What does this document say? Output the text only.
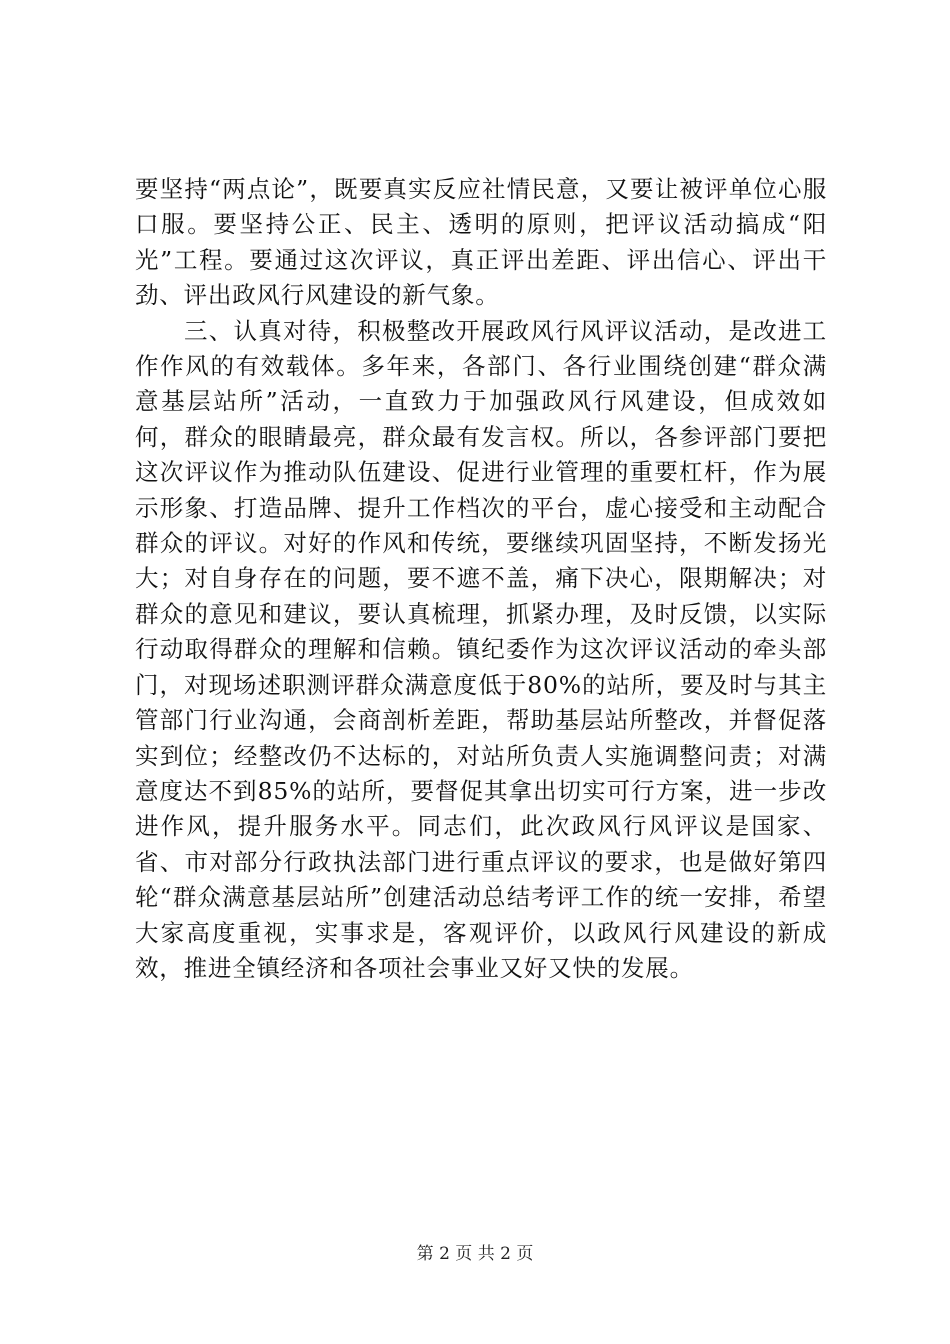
要坚持“两点论”，既要真实反应社情民意，又要让被评单位心服口服。要坚持公正、民主、透明的原则，把评议活动搞成“阳光”工程。要通过这次评议，真正评出差距、评出信心、评出干劲、评出政风行风建设的新气象。

三、认真对待，积极整改开展政风行风评议活动，是改进工作作风的有效载体。多年来，各部门、各行业围绕创建“群众满意基层站所”活动，一直致力于加强政风行风建设，但成效如何，群众的眼睛最亮，群众最有发言权。所以，各参评部门要把这次评议作为推动队伍建设、促进行业管理的重要杠杆，作为展示形象、打造品牌、提升工作档次的平台，虚心接受和主动配合群众的评议。对好的作风和传统，要继续巩固坚持，不断发扬光大；对自身存在的问题，要不遮不盖，痛下决心，限期解决；对群众的意见和建议，要认真梳理，抓紧办理，及时反馈，以实际行动取得群众的理解和信赖。镇纪委作为这次评议活动的牵头部门，对现场述职测评群众满意度低于80%的站所，要及时与其主管部门行业沟通，会商剖析差距，帮助基层站所整改，并督促落实到位；经整改仍不达标的，对站所负责人实施调整问责；对满意度达不到85%的站所，要督促其拿出切实可行方案，进一步改进作风，提升服务水平。同志们，此次政风行风评议是国家、省、市对部分行政执法部门进行重点评议的要求，也是做好第四轮“群众满意基层站所”创建活动总结考评工作的统一安排，希望大家高度重视，实事求是，客观评价，以政风行风建设的新成效，推进全镇经济和各项社会事业又好又快的发展。

第 2 页 共 2 页
